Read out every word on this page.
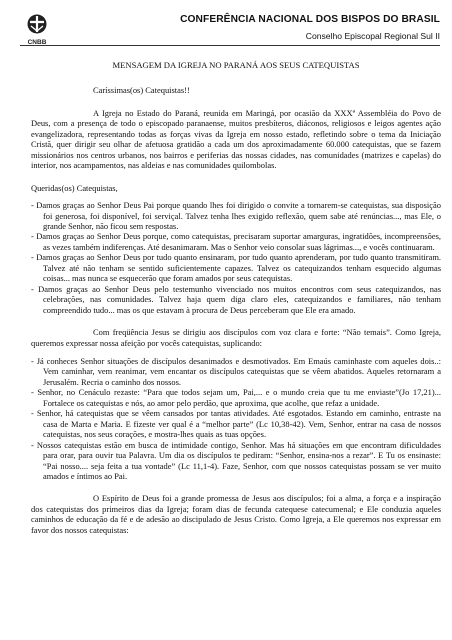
CNBB
CONFERÊNCIA NACIONAL DOS BISPOS DO BRASIL
Conselho Episcopal Regional Sul II
MENSAGEM DA IGREJA NO PARANÁ AOS SEUS CATEQUISTAS

Caríssimas(os) Catequistas!!

A Igreja no Estado do Paraná, reunida em Maringá, por ocasião da XXXª Assembléia do Povo de Deus, com a presença de todo o episcopado paranaense, muitos presbíteros, diáconos, religiosos e leigos agentes ação evangelizadora, representando todas as forças vivas da Igreja em nosso estado, refletindo sobre o tema da Iniciação Cristã, quer dirigir seu olhar de afetuosa gratidão a cada um dos aproximadamente 60.000 catequistas, que se fazem missionários nos centros urbanos, nos bairros e periferias das nossas cidades, nas comunidades (matrizes e capelas) do interior, nos acampamentos, nas aldeias e nas comunidades quilombolas.

Queridas(os) Catequistas,

- Damos graças ao Senhor Deus Pai porque quando lhes foi dirigido o convite a tornarem-se catequistas, sua disposição foi generosa, foi disponível, foi serviçal. Talvez tenha lhes exigido reflexão, quem sabe até renúncias..., mas Ele, o grande Senhor, não ficou sem respostas.

- Damos graças ao Senhor Deus porque, como catequistas, precisaram suportar amarguras, ingratidões, incompreensões, as vezes também indiferenças. Até desanimaram. Mas o Senhor veio consolar suas lágrimas..., e vocês continuaram.

- Damos graças ao Senhor Deus por tudo quanto ensinaram, por tudo quanto aprenderam, por tudo quanto transmitiram. Talvez até não tenham se sentido suficientemente capazes. Talvez os catequizandos tenham esquecido algumas coisas... mas nunca se esquecerão que foram amados por seus catequistas.

- Damos graças ao Senhor Deus pelo testemunho vivenciado nos muitos encontros com seus catequizandos, nas celebrações, nas comunidades. Talvez haja quem diga claro eles, catequizandos e familiares, não tenham compreendido tudo... mas os que estavam à procura de Deus perceberam que Ele era amado.

Com freqüência Jesus se dirigiu aos discípulos com voz clara e forte: “Não temais”. Como Igreja, queremos expressar nossa afeição por vocês catequistas, suplicando:

- Já conheces Senhor situações de discípulos desanimados e desmotivados. Em Emaús caminhaste com aqueles dois..: Vem caminhar, vem reanimar, vem encantar os discípulos catequistas que se vêem abatidos. Aqueles retornaram a Jerusalém. Recria o caminho dos nossos.

- Senhor, no Cenáculo rezaste: “Para que todos sejam um, Pai,... e o mundo creia que tu me enviaste”(Jo 17,21)... Fortalece os catequistas e nós, ao amor pelo perdão, que aproxima, que acolhe, que refaz a unidade.

- Senhor, há catequistas que se vêem cansados por tantas atividades. Até esgotados. Estando em caminho, entraste na casa de Marta e Maria. E fizeste ver qual é a “melhor parte” (Lc 10,38-42). Vem, Senhor, entrar na casa de nossos catequistas, nos seus corações, e mostra-lhes quais as tuas opções.

- Nossos catequistas estão em busca de intimidade contigo, Senhor. Mas há situações em que encontram dificuldades para orar, para ouvir tua Palavra. Um dia os discípulos te pediram: “Senhor, ensina-nos a rezar”. E Tu os ensinaste: “Pai nosso.... seja feita a tua vontade” (Lc 11,1-4). Faze, Senhor, com que nossos catequistas possam se ver muito amados e íntimos ao Pai.

O Espírito de Deus foi a grande promessa de Jesus aos discípulos; foi a alma, a força e a inspiração dos catequistas dos primeiros dias da Igreja; foram dias de fecunda catequese catecumenal; e Ele conduzia aqueles caminhos de educação da fé e de adesão ao discipulado de Jesus Cristo. Como Igreja, a Ele queremos nos expressar em favor dos nossos catequistas:
